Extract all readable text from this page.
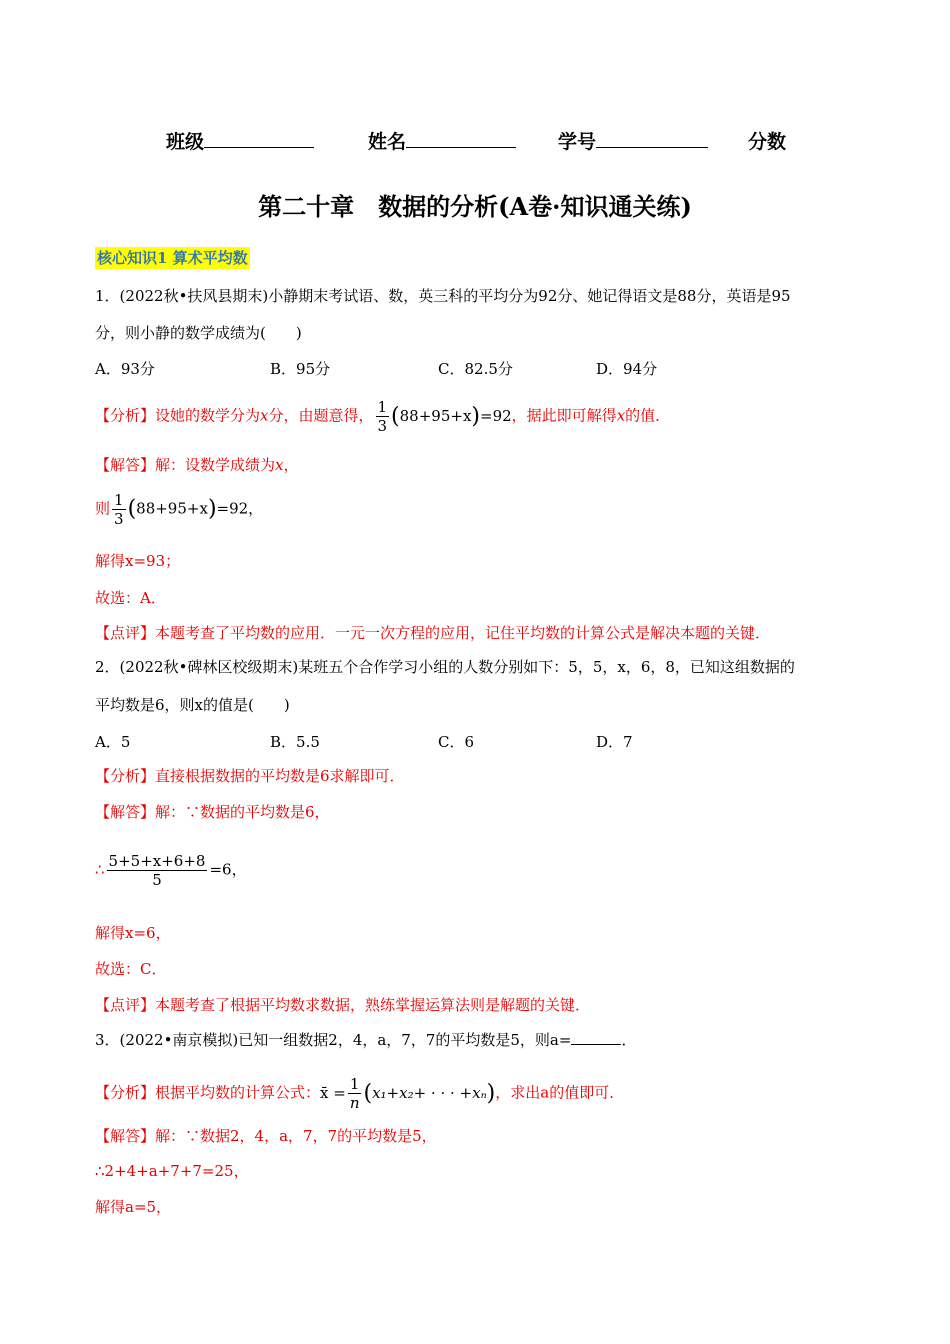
班级	姓名	学号	分数
第二十章　数据的分析(A卷·知识通关练)
核心知识1 算术平均数
1．(2022秋•扶风县期末)小静期末考试语、数，英三科的平均分为92分、她记得语文是88分，英语是95
分，则小静的数学成绩为(　　)
A．93分	B．95分	C．82.5分	D．94分
【分析】设她的数学分为x分，由题意得， $\frac{1}{3} (88+95+x)=92$，据此即可解得x的值．
【解答】解：设数学成绩为x，
则 $\frac{1}{3} (88+95+x)=92$，
解得x=93；
故选：A．
【点评】本题考查了平均数的应用．一元一次方程的应用，记住平均数的计算公式是解决本题的关键．
2．(2022秋•碑林区校级期末)某班五个合作学习小组的人数分别如下：5，5，x，6，8，已知这组数据的
平均数是6，则x的值是(　　)
A．5	B．5.5	C．6	D．7
【分析】直接根据数据的平均数是6求解即可．
【解答】解：∵数据的平均数是6，
∴ $\frac{5+5+x+6+8}{5} =6$，
解得x=6，
故选：C．
【点评】本题考查了根据平均数求数据，熟练掌握运算法则是解题的关键．
3．(2022•南京模拟)已知一组数据2，4，a，7，7的平均数是5，则a=	．
【分析】根据平均数的计算公式：x̄ = $\frac{1}{n} (x_1+x_2+$ · · · +xₙ)，求出a的值即可．
【解答】解：∵数据2，4，a，7，7的平均数是5，
∴2+4+a+7+7=25，
解得a=5，
